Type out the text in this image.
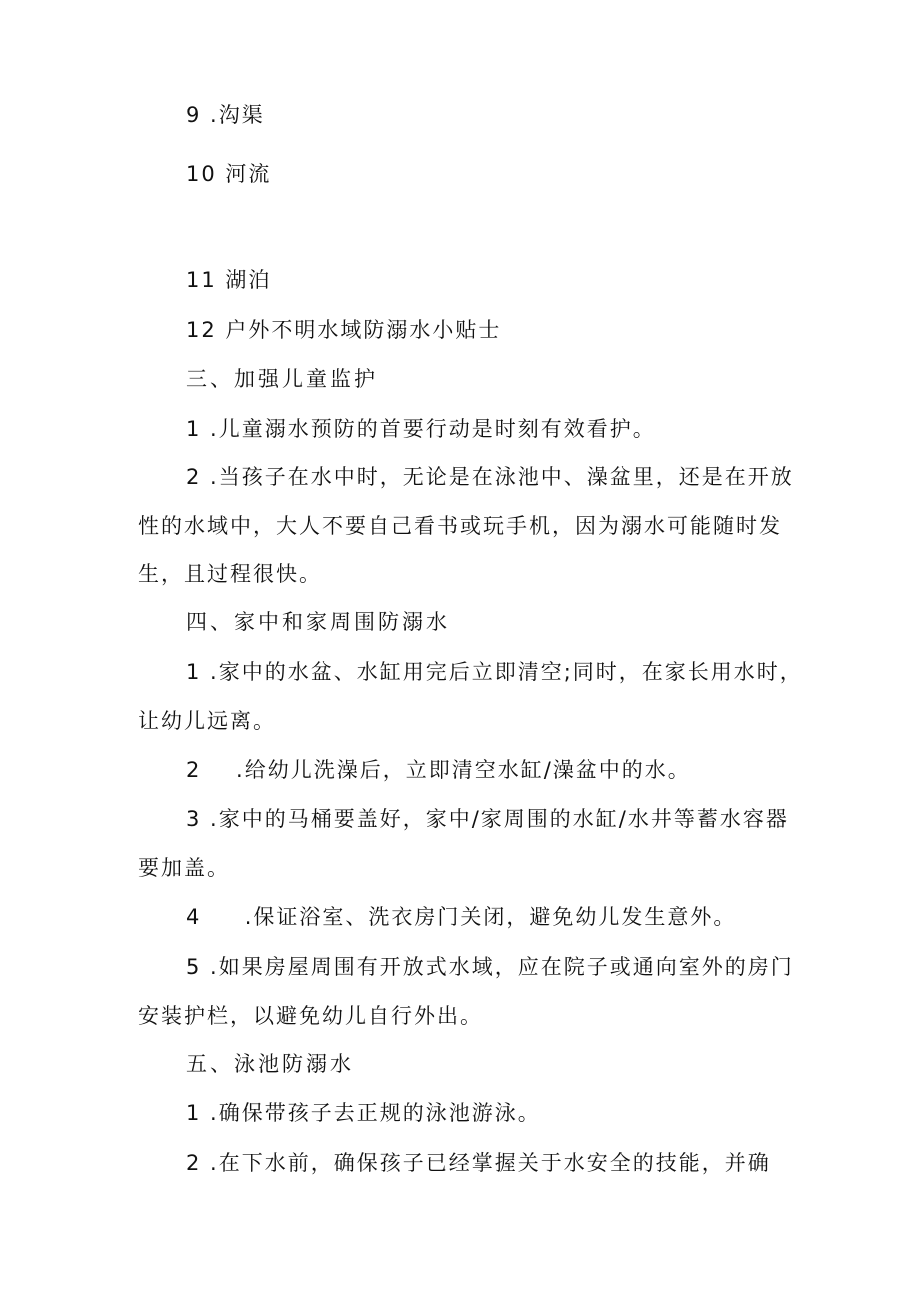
9 .沟渠
10 河流
11 湖泊
12 户外不明水域防溺水小贴士
三、加强儿童监护
1 .儿童溺水预防的首要行动是时刻有效看护。
2 .当孩子在水中时，无论是在泳池中、澡盆里，还是在开放
性的水域中，大人不要自己看书或玩手机，因为溺水可能随时发
生，且过程很快。
四、家中和家周围防溺水
1 .家中的水盆、水缸用完后立即清空;同时，在家长用水时，
让幼儿远离。
2    .给幼儿洗澡后，立即清空水缸/澡盆中的水。
3 .家中的马桶要盖好，家中/家周围的水缸/水井等蓄水容器
要加盖。
4     .保证浴室、洗衣房门关闭，避免幼儿发生意外。
5 .如果房屋周围有开放式水域，应在院子或通向室外的房门
安装护栏，以避免幼儿自行外出。
五、泳池防溺水
1 .确保带孩子去正规的泳池游泳。
2 .在下水前，确保孩子已经掌握关于水安全的技能，并确
